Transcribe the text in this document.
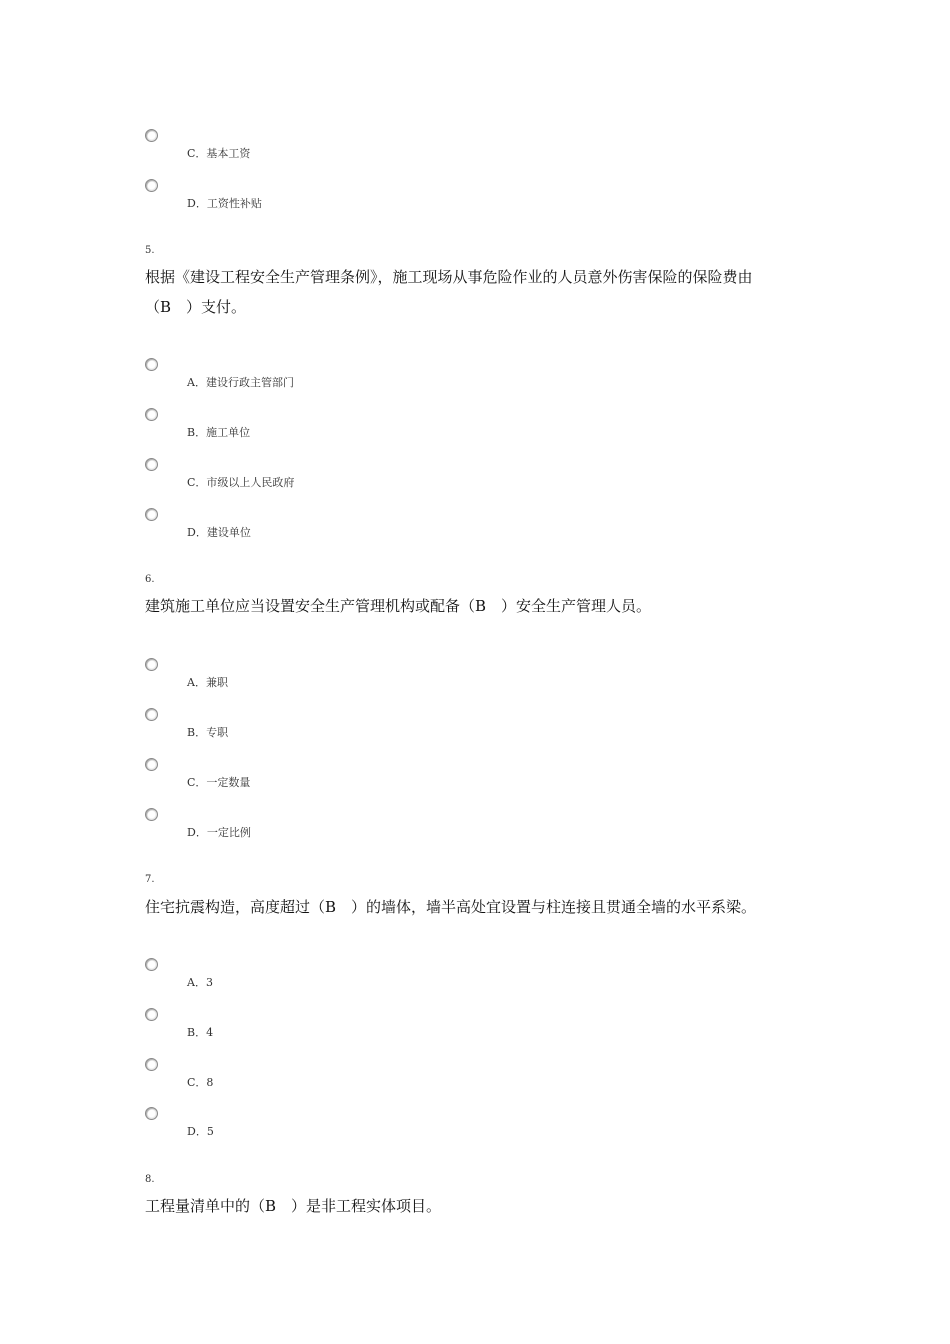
C．基本工资
D．工资性补贴
5.
根据《建设工程安全生产管理条例》，施工现场从事危险作业的人员意外伤害保险的保险费由
（B　）支付。
A．建设行政主管部门
B．施工单位
C．市级以上人民政府
D．建设单位
6.
建筑施工单位应当设置安全生产管理机构或配备（B　）安全生产管理人员。
A．兼职
B．专职
C．一定数量
D．一定比例
7.
住宅抗震构造，高度超过（B　）的墙体，墙半高处宜设置与柱连接且贯通全墙的水平系梁。
A．3
B．4
C．8
D．5
8.
工程量清单中的（B　）是非工程实体项目。
